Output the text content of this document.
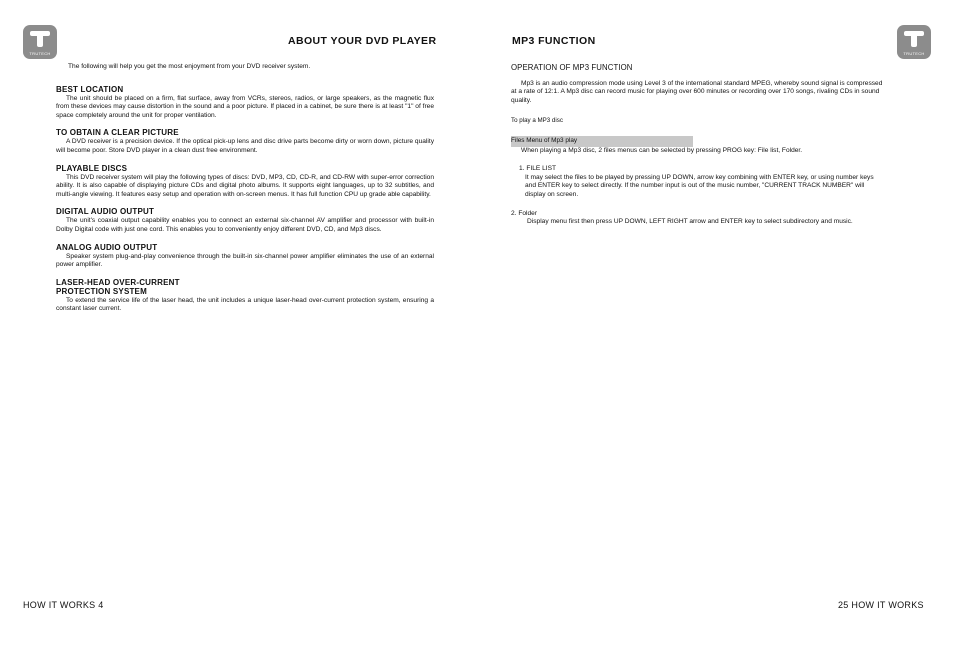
TRUTECH	TRUTECH
ABOUT YOUR DVD PLAYER	MP3 FUNCTION

The following will help you get the most enjoyment from your DVD receiver system.

BEST LOCATION

The unit should be placed on a firm, flat surface, away from VCRs, stereos, radios, or large speakers, as the magnetic flux from these devices may cause distortion in the sound and a poor picture. If placed in a cabinet, be sure there is at least "1" of free space completely around the unit for proper ventilation.

TO OBTAIN A CLEAR PICTURE

A DVD receiver is a precision device. If the optical pick-up lens and disc drive parts become dirty or worn down, picture quality will become poor. Store DVD player in a clean dust free environment.

PLAYABLE DISCS

This DVD receiver system will play the following types of discs: DVD, MP3, CD, CD-R, and CD-RW with super-error correction ability. It is also capable of displaying picture CDs and digital photo albums. It supports eight languages, up to 32 subtitles, and multi-angle viewing. It features easy setup and operation with on-screen menus. It has full function CPU up grade able capability.

DIGITAL AUDIO OUTPUT

The unit's coaxial output capability enables you to connect an external six-channel AV amplifier and processor with built-in Dolby Digital code with just one cord. This enables you to conveniently enjoy different DVD, CD, and Mp3 discs.

ANALOG AUDIO OUTPUT

Speaker system plug-and-play convenience through the built-in six-channel power amplifier eliminates the use of an external power amplifier.

LASER-HEAD OVER-CURRENT PROTECTION SYSTEM

To extend the service life of the laser head, the unit includes a unique laser-head over-current protection system, ensuring a constant laser current.

OPERATION OF MP3 FUNCTION

Mp3 is an audio compression mode using Level 3 of the international standard MPEG, whereby sound signal is compressed at a rate of 12:1. A Mp3 disc can record music for playing over 600 minutes or recording over 170 songs, rivaling CDs in sound quality.

To play a MP3 disc

Files Menu of Mp3 play

When playing a Mp3 disc, 2 files menus can be selected by pressing PROG key: File list, Folder.

1. FILE LIST

It may select the files to be played by pressing UP DOWN, arrow key combining with ENTER key, or using number keys and ENTER key to select directly. If the number input is out of the music number, "CURRENT TRACK NUMBER" will display on screen.

2. Folder

Display menu first then press UP DOWN, LEFT RIGHT arrow and ENTER key to select subdirectory and music.

HOW IT WORKS 4	25 HOW IT WORKS
